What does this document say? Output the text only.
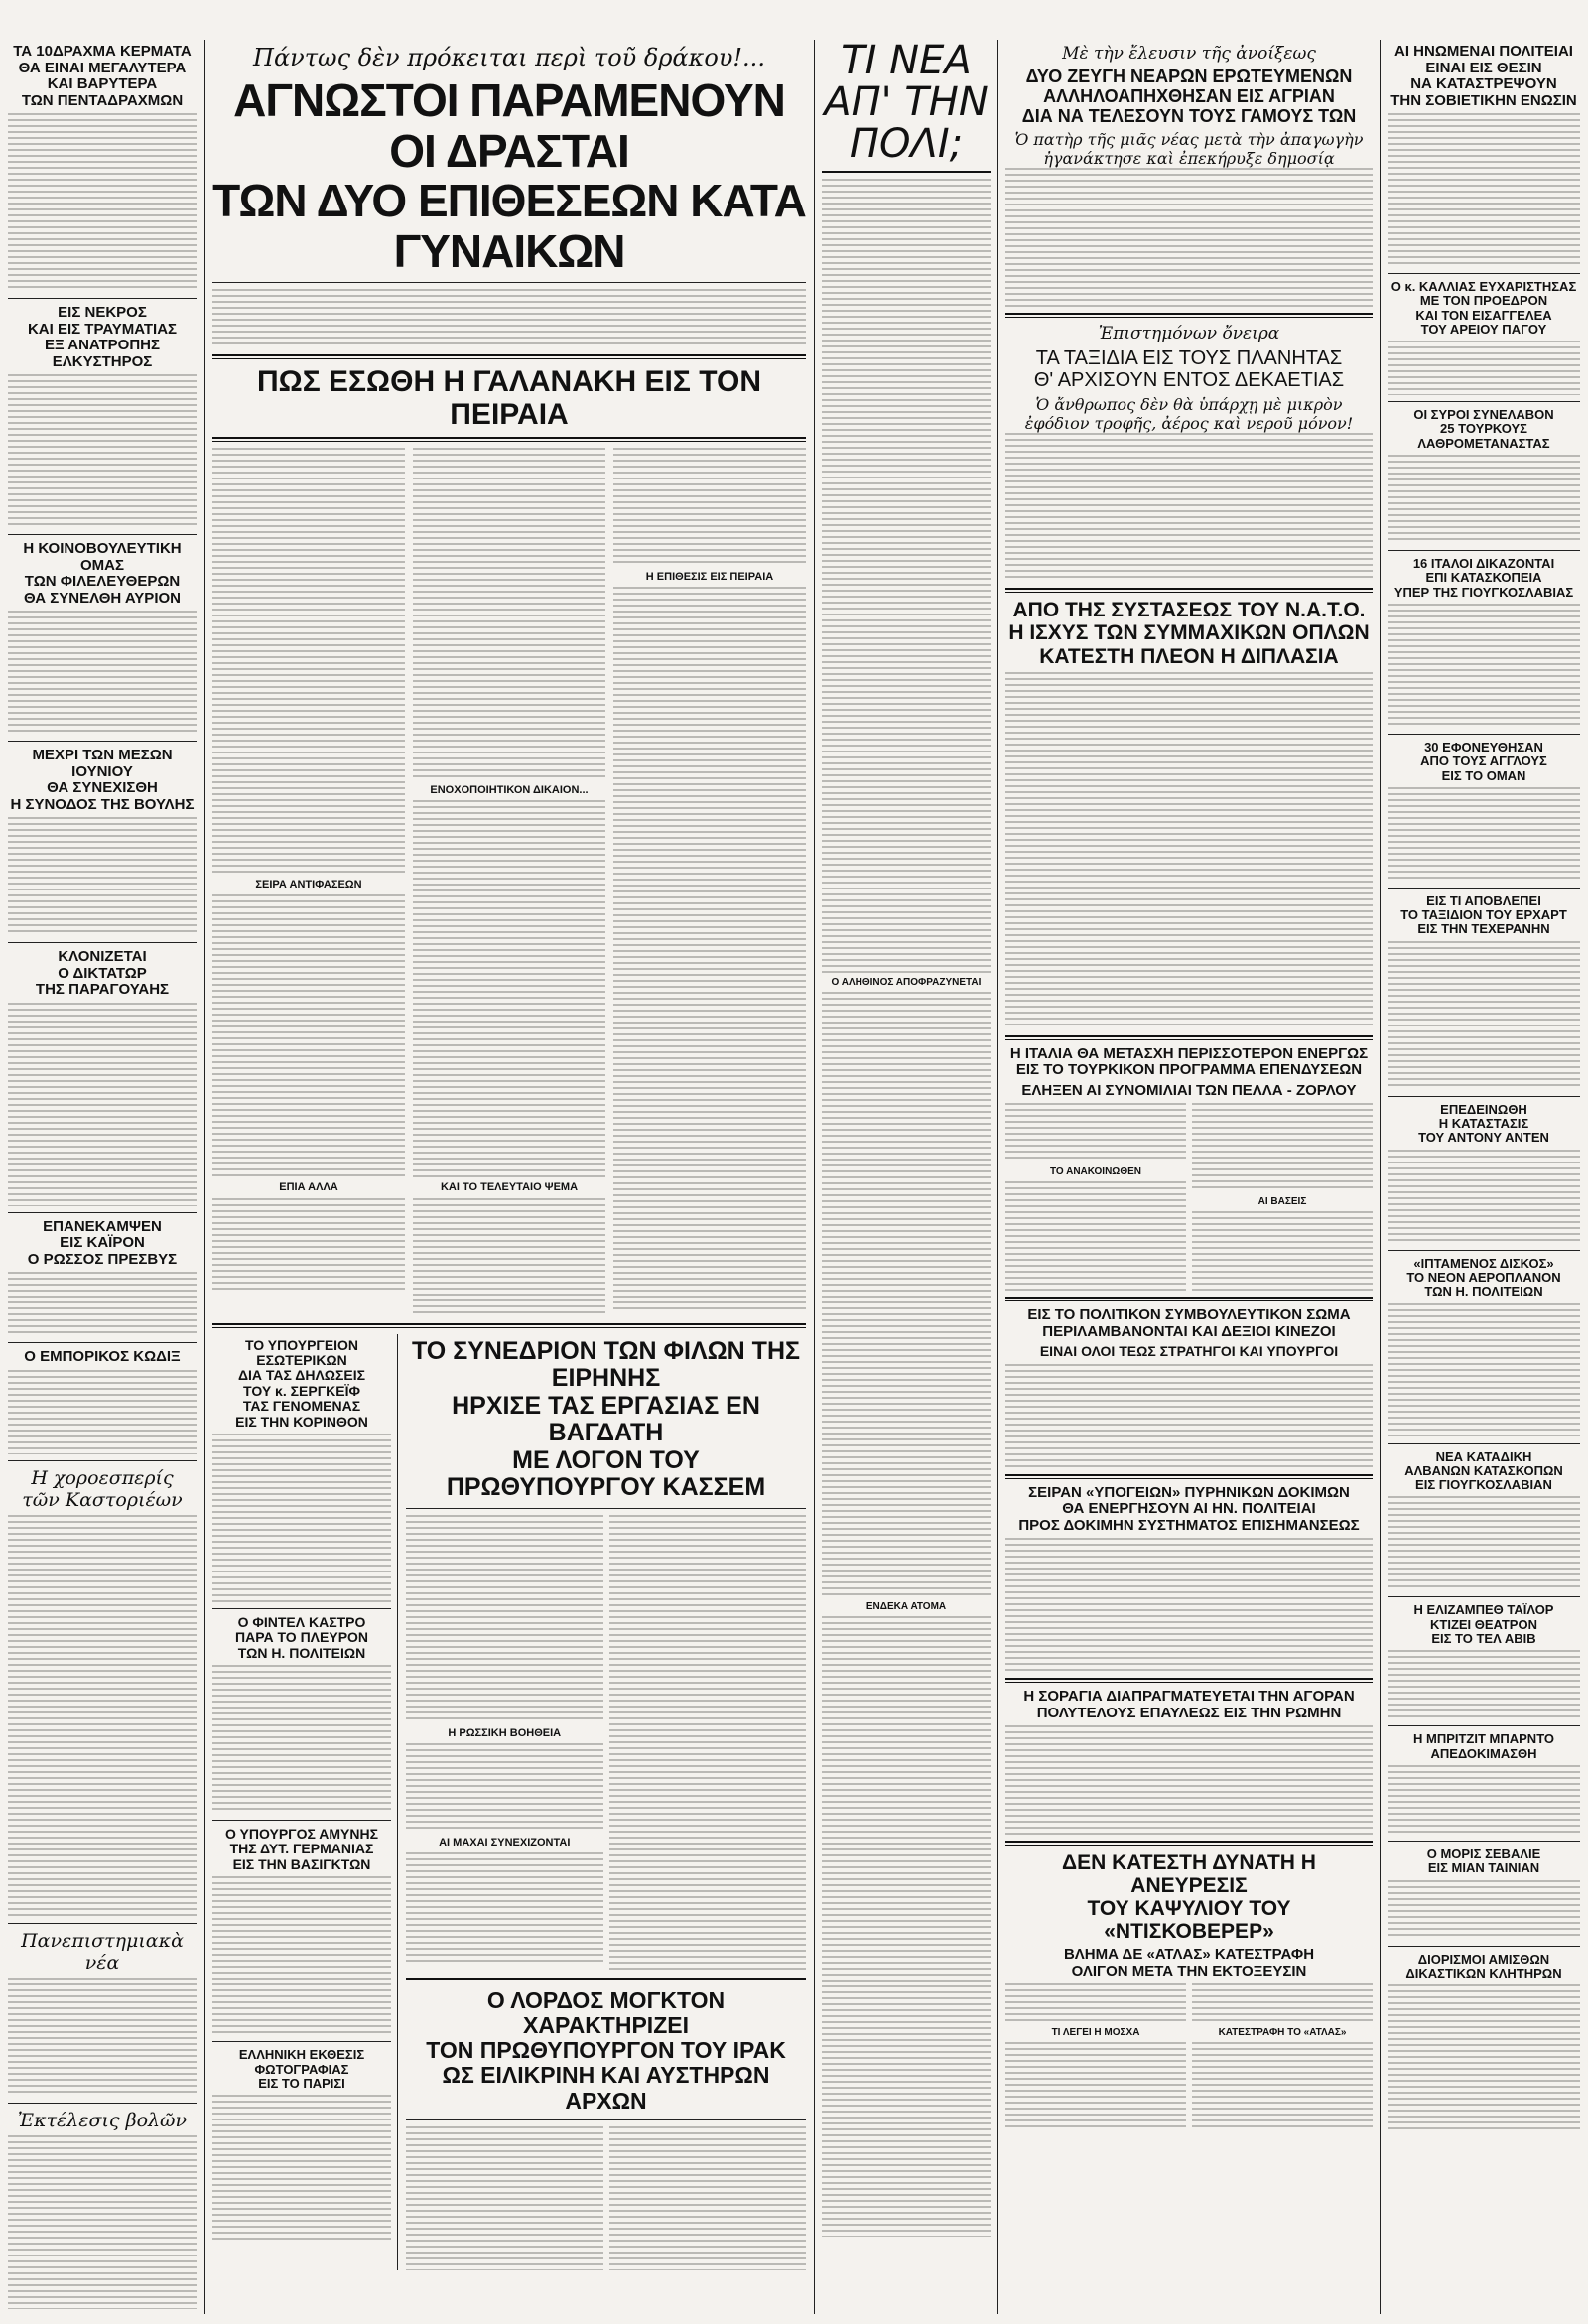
ΤΑ 10ΔΡΑΧΜΑ ΚΕΡΜΑΤΑ
ΘΑ ΕΙΝΑΙ ΜΕΓΑΛΥΤΕΡΑ
ΚΑΙ ΒΑΡΥΤΕΡΑ
ΤΩΝ ΠΕΝΤΑΔΡΑΧΜΩΝ
ΕΙΣ ΝΕΚΡΟΣ
ΚΑΙ ΕΙΣ ΤΡΑΥΜΑΤΙΑΣ
ΕΞ ΑΝΑΤΡΟΠΗΣ
ΕΛΚΥΣΤΗΡΟΣ
Η ΚΟΙΝΟΒΟΥΛΕΥΤΙΚΗ ΟΜΑΣ
ΤΩΝ ΦΙΛΕΛΕΥΘΕΡΩΝ
ΘΑ ΣΥΝΕΛΘΗ ΑΥΡΙΟΝ
ΜΕΧΡΙ ΤΩΝ ΜΕΣΩΝ ΙΟΥΝΙΟΥ
ΘΑ ΣΥΝΕΧΙΣΘΗ
Η ΣΥΝΟΔΟΣ ΤΗΣ ΒΟΥΛΗΣ
ΚΛΟΝΙΖΕΤΑΙ
Ο ΔΙΚΤΑΤΩΡ
ΤΗΣ ΠΑΡΑΓΟΥΑΗΣ
ΕΠΑΝΕΚΑΜΨΕΝ
ΕΙΣ ΚΑΪΡΟΝ
Ο ΡΩΣΣΟΣ ΠΡΕΣΒΥΣ
Ο ΕΜΠΟΡΙΚΟΣ ΚΩΔΙΞ
Η χοροεσπερίς
τῶν Καστοριέων
Πανεπιστημιακὰ νέα
Ἐκτέλεσις βολῶν
Πάντως δὲν πρόκειται περὶ τοῦ δράκου!...
ΑΓΝΩΣΤΟΙ ΠΑΡΑΜΕΝΟΥΝ ΟΙ ΔΡΑΣΤΑΙ
ΤΩΝ ΔΥΟ ΕΠΙΘΕΣΕΩΝ ΚΑΤΑ ΓΥΝΑΙΚΩΝ
ΠΩΣ ΕΣΩΘΗ Η ΓΑΛΑΝΑΚΗ ΕΙΣ ΤΟΝ ΠΕΙΡΑΙΑ
ΣΕΙΡΑ ΑΝΤΙΦΑΣΕΩΝ
ΕΠΙΑ ΑΛΛΑ
ΕΝΟΧΟΠΟΙΗΤΙΚΟΝ ΔΙΚΑΙΟΝ...
ΚΑΙ ΤΟ ΤΕΛΕΥΤΑΙΟ ΨΕΜΑ
Η ΕΠΙΘΕΣΙΣ ΕΙΣ ΠΕΙΡΑΙΑ
ΤΟ ΥΠΟΥΡΓΕΙΟΝ ΕΣΩΤΕΡΙΚΩΝ
ΔΙΑ ΤΑΣ ΔΗΛΩΣΕΙΣ
ΤΟΥ κ. ΣΕΡΓΚΕΪΦ
ΤΑΣ ΓΕΝΟΜΕΝΑΣ
ΕΙΣ ΤΗΝ ΚΟΡΙΝΘΟΝ
Ο ΦΙΝΤΕΛ ΚΑΣΤΡΟ
ΠΑΡΑ ΤΟ ΠΛΕΥΡΟΝ
ΤΩΝ Η. ΠΟΛΙΤΕΙΩΝ
Ο ΥΠΟΥΡΓΟΣ ΑΜΥΝΗΣ
ΤΗΣ ΔΥΤ. ΓΕΡΜΑΝΙΑΣ
ΕΙΣ ΤΗΝ ΒΑΣΙΓΚΤΩΝ
ΕΛΛΗΝΙΚΗ ΕΚΘΕΣΙΣ
ΦΩΤΟΓΡΑΦΙΑΣ
ΕΙΣ ΤΟ ΠΑΡΙΣΙ
ΤΟ ΣΥΝΕΔΡΙΟΝ ΤΩΝ ΦΙΛΩΝ ΤΗΣ ΕΙΡΗΝΗΣ
ΗΡΧΙΣΕ ΤΑΣ ΕΡΓΑΣΙΑΣ ΕΝ ΒΑΓΔΑΤΗ
ΜΕ ΛΟΓΟΝ ΤΟΥ ΠΡΩΘΥΠΟΥΡΓΟΥ ΚΑΣΣΕΜ
Η ΡΩΣΣΙΚΗ ΒΟΗΘΕΙΑ
ΑΙ ΜΑΧΑΙ ΣΥΝΕΧΙΖΟΝΤΑΙ
Ο ΛΟΡΔΟΣ ΜΟΓΚΤΟΝ ΧΑΡΑΚΤΗΡΙΖΕΙ
ΤΟΝ ΠΡΩΘΥΠΟΥΡΓΟΝ ΤΟΥ ΙΡΑΚ
ΩΣ ΕΙΛΙΚΡΙΝΗ ΚΑΙ ΑΥΣΤΗΡΩΝ ΑΡΧΩΝ
ΤΙ ΝΕΑ
ΑΠ' ΤΗΝ
ΠΟΛΙ;
Ο ΑΛΗΘΙΝΟΣ ΑΠΟΦΡΑΖΥΝΕΤΑΙ
ΕΝΔΕΚΑ ΑΤΟΜΑ
Μὲ τὴν ἔλευσιν τῆς ἀνοίξεως
ΔΥΟ ΖΕΥΓΗ ΝΕΑΡΩΝ ΕΡΩΤΕΥΜΕΝΩΝ
ΑΛΛΗΛΟΑΠΗΧΘΗΣΑΝ ΕΙΣ ΑΓΡΙΑΝ
ΔΙΑ ΝΑ ΤΕΛΕΣΟΥΝ ΤΟΥΣ ΓΑΜΟΥΣ ΤΩΝ
Ὁ πατὴρ τῆς μιᾶς νέας μετὰ τὴν ἀπαγωγὴν
ἠγανάκτησε καὶ ἐπεκήρυξε δημοσίᾳ
Ἐπιστημόνων ὄνειρα
ΤΑ ΤΑΞΙΔΙΑ ΕΙΣ ΤΟΥΣ ΠΛΑΝΗΤΑΣ
Θ' ΑΡΧΙΣΟΥΝ ΕΝΤΟΣ ΔΕΚΑΕΤΙΑΣ
Ὁ ἄνθρωπος δὲν θὰ ὑπάρχῃ μὲ μικρὸν
ἐφόδιον τροφῆς, ἀέρος καὶ νεροῦ μόνον!
ΑΠΟ ΤΗΣ ΣΥΣΤΑΣΕΩΣ ΤΟΥ Ν.Α.Τ.Ο.
Η ΙΣΧΥΣ ΤΩΝ ΣΥΜΜΑΧΙΚΩΝ ΟΠΛΩΝ
ΚΑΤΕΣΤΗ ΠΛΕΟΝ Η ΔΙΠΛΑΣΙΑ
Η ΙΤΑΛΙΑ ΘΑ ΜΕΤΑΣΧΗ ΠΕΡΙΣΣΟΤΕΡΟΝ ΕΝΕΡΓΩΣ
ΕΙΣ ΤΟ ΤΟΥΡΚΙΚΟΝ ΠΡΟΓΡΑΜΜΑ ΕΠΕΝΔΥΣΕΩΝ
ΕΛΗΞΕΝ ΑΙ ΣΥΝΟΜΙΛΙΑΙ ΤΩΝ ΠΕΛΛΑ - ΖΟΡΛΟΥ
ΤΟ ΑΝΑΚΟΙΝΩΘΕΝ
ΑΙ ΒΑΣΕΙΣ
ΕΙΣ ΤΟ ΠΟΛΙΤΙΚΟΝ ΣΥΜΒΟΥΛΕΥΤΙΚΟΝ ΣΩΜΑ
ΠΕΡΙΛΑΜΒΑΝΟΝΤΑΙ ΚΑΙ ΔΕΞΙΟΙ ΚΙΝΕΖΟΙ
ΕΙΝΑΙ ΟΛΟΙ ΤΕΩΣ ΣΤΡΑΤΗΓΟΙ ΚΑΙ ΥΠΟΥΡΓΟΙ
ΣΕΙΡΑΝ «ΥΠΟΓΕΙΩΝ» ΠΥΡΗΝΙΚΩΝ ΔΟΚΙΜΩΝ
ΘΑ ΕΝΕΡΓΗΣΟΥΝ ΑΙ ΗΝ. ΠΟΛΙΤΕΙΑΙ
ΠΡΟΣ ΔΟΚΙΜΗΝ ΣΥΣΤΗΜΑΤΟΣ ΕΠΙΣΗΜΑΝΣΕΩΣ
Η ΣΟΡΑΓΙΑ ΔΙΑΠΡΑΓΜΑΤΕΥΕΤΑΙ ΤΗΝ ΑΓΟΡΑΝ
ΠΟΛΥΤΕΛΟΥΣ ΕΠΑΥΛΕΩΣ ΕΙΣ ΤΗΝ ΡΩΜΗΝ
ΔΕΝ ΚΑΤΕΣΤΗ ΔΥΝΑΤΗ Η ΑΝΕΥΡΕΣΙΣ
ΤΟΥ ΚΑΨΥΛΙΟΥ ΤΟΥ «ΝΤΙΣΚΟΒΕΡΕΡ»
ΒΛΗΜΑ ΔΕ «ΑΤΛΑΣ» ΚΑΤΕΣΤΡΑΦΗ
ΟΛΙΓΟΝ ΜΕΤΑ ΤΗΝ ΕΚΤΟΞΕΥΣΙΝ
ΤΙ ΛΕΓΕΙ Η ΜΟΣΧΑ	ΚΑΤΕΣΤΡΑΦΗ ΤΟ «ΑΤΛΑΣ»
ΑΙ ΗΝΩΜΕΝΑΙ ΠΟΛΙΤΕΙΑΙ
ΕΙΝΑΙ ΕΙΣ ΘΕΣΙΝ
ΝΑ ΚΑΤΑΣΤΡΕΨΟΥΝ
ΤΗΝ ΣΟΒΙΕΤΙΚΗΝ ΕΝΩΣΙΝ
Ο κ. ΚΑΛΛΙΑΣ ΕΥΧΑΡΙΣΤΗΣΑΣ
ΜΕ ΤΟΝ ΠΡΟΕΔΡΟΝ
ΚΑΙ ΤΟΝ ΕΙΣΑΓΓΕΛΕΑ
ΤΟΥ ΑΡΕΙΟΥ ΠΑΓΟΥ
ΟΙ ΣΥΡΟΙ ΣΥΝΕΛΑΒΟΝ
25 ΤΟΥΡΚΟΥΣ
ΛΑΘΡΟΜΕΤΑΝΑΣΤΑΣ
16 ΙΤΑΛΟΙ ΔΙΚΑΖΟΝΤΑΙ
ΕΠΙ ΚΑΤΑΣΚΟΠΕΙΑ
ΥΠΕΡ ΤΗΣ ΓΙΟΥΓΚΟΣΛΑΒΙΑΣ
30 ΕΦΟΝΕΥΘΗΣΑΝ
ΑΠΟ ΤΟΥΣ ΑΓΓΛΟΥΣ
ΕΙΣ ΤΟ ΟΜΑΝ
ΕΙΣ ΤΙ ΑΠΟΒΛΕΠΕΙ
ΤΟ ΤΑΞΙΔΙΟΝ ΤΟΥ ΕΡΧΑΡΤ
ΕΙΣ ΤΗΝ ΤΕΧΕΡΑΝΗΝ
ΕΠΕΔΕΙΝΩΘΗ
Η ΚΑΤΑΣΤΑΣΙΣ
ΤΟΥ ΑΝΤΟΝΥ ΑΝΤΕΝ
«ΙΠΤΑΜΕΝΟΣ ΔΙΣΚΟΣ»
ΤΟ ΝΕΟΝ ΑΕΡΟΠΛΑΝΟΝ
ΤΩΝ Η. ΠΟΛΙΤΕΙΩΝ
ΝΕΑ ΚΑΤΑΔΙΚΗ
ΑΛΒΑΝΩΝ ΚΑΤΑΣΚΟΠΩΝ
ΕΙΣ ΓΙΟΥΓΚΟΣΛΑΒΙΑΝ
Η ΕΛΙΖΑΜΠΕΘ ΤΑΪΛΟΡ
ΚΤΙΖΕΙ ΘΕΑΤΡΟΝ
ΕΙΣ ΤΟ ΤΕΛ ΑΒΙΒ
Η ΜΠΡΙΤΖΙΤ ΜΠΑΡΝΤΟ
ΑΠΕΔΟΚΙΜΑΣΘΗ
Ο ΜΟΡΙΣ ΣΕΒΑΛΙΕ
ΕΙΣ ΜΙΑΝ ΤΑΙΝΙΑΝ
ΔΙΟΡΙΣΜΟΙ ΑΜΙΣΘΩΝ
ΔΙΚΑΣΤΙΚΩΝ ΚΛΗΤΗΡΩΝ
